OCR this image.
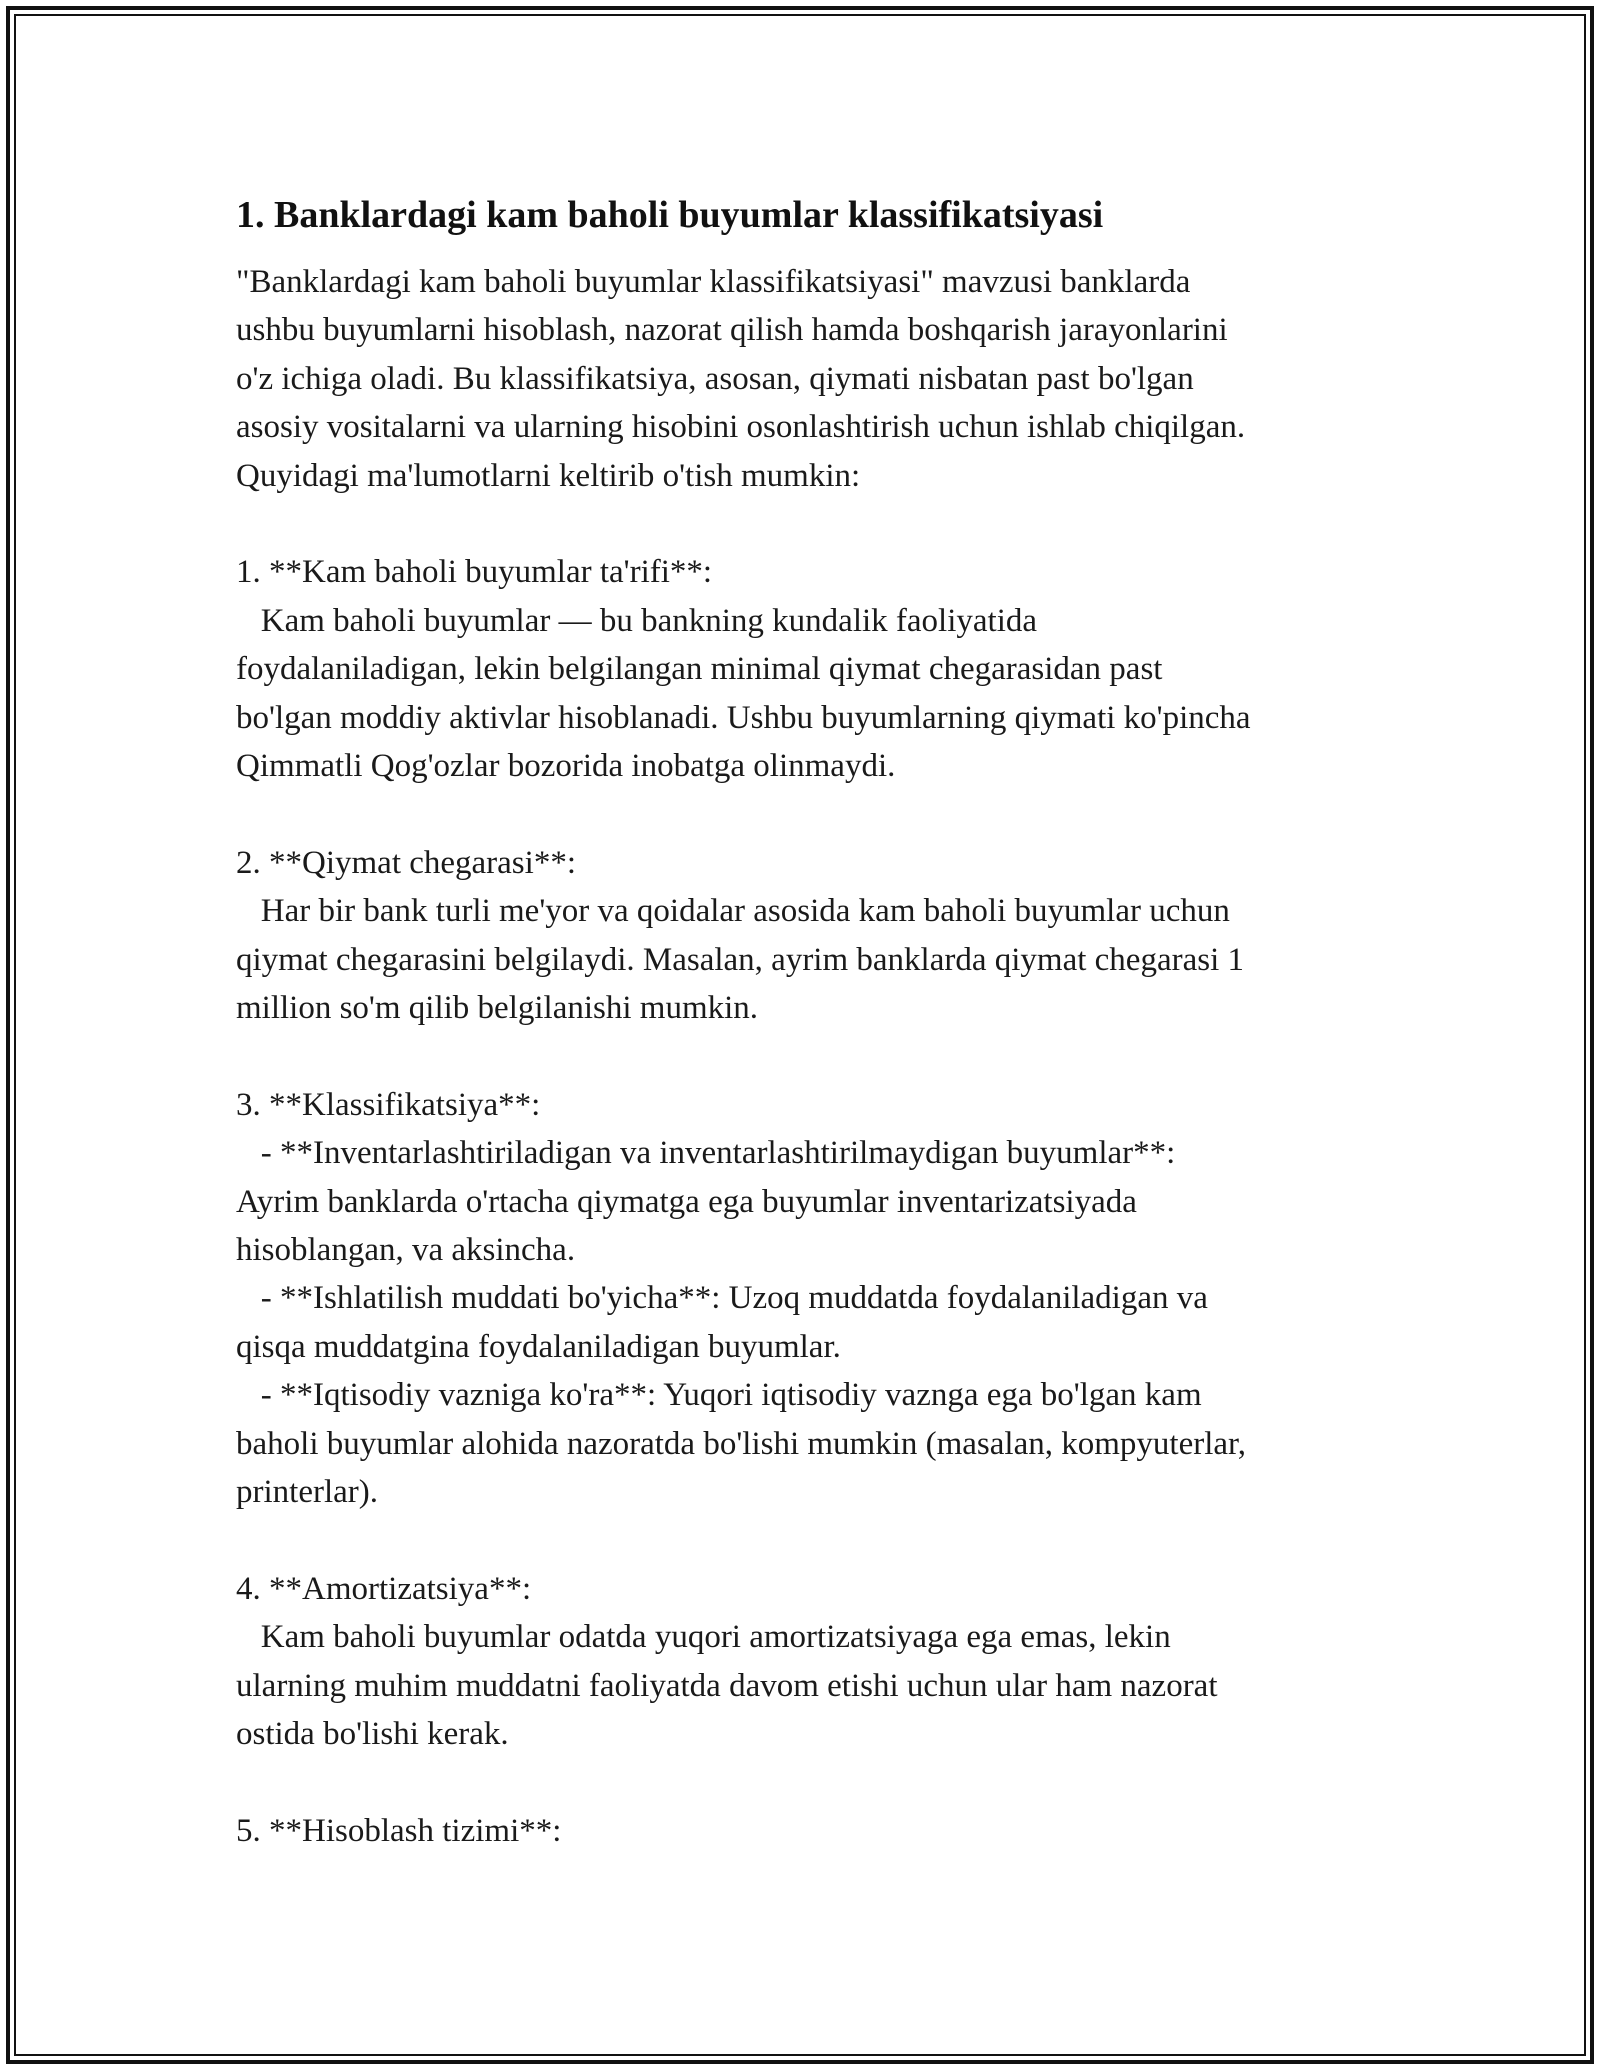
1. Banklardagi kam baholi buyumlar klassifikatsiyasi
"Banklardagi kam baholi buyumlar klassifikatsiyasi" mavzusi banklarda
ushbu buyumlarni hisoblash, nazorat qilish hamda boshqarish jarayonlarini
o'z ichiga oladi. Bu klassifikatsiya, asosan, qiymati nisbatan past bo'lgan
asosiy vositalarni va ularning hisobini osonlashtirish uchun ishlab chiqilgan.
Quyidagi ma'lumotlarni keltirib o'tish mumkin:
1. **Kam baholi buyumlar ta'rifi**:
Kam baholi buyumlar — bu bankning kundalik faoliyatida
foydalaniladigan, lekin belgilangan minimal qiymat chegarasidan past
bo'lgan moddiy aktivlar hisoblanadi. Ushbu buyumlarning qiymati ko'pincha
Qimmatli Qog'ozlar bozorida inobatga olinmaydi.
2. **Qiymat chegarasi**:
Har bir bank turli me'yor va qoidalar asosida kam baholi buyumlar uchun
qiymat chegarasini belgilaydi. Masalan, ayrim banklarda qiymat chegarasi 1
million so'm qilib belgilanishi mumkin.
3. **Klassifikatsiya**:
- **Inventarlashtiriladigan va inventarlashtirilmaydigan buyumlar**:
Ayrim banklarda o'rtacha qiymatga ega buyumlar inventarizatsiyada
hisoblangan, va aksincha.
- **Ishlatilish muddati bo'yicha**: Uzoq muddatda foydalaniladigan va
qisqa muddatgina foydalaniladigan buyumlar.
- **Iqtisodiy vazniga ko'ra**: Yuqori iqtisodiy vaznga ega bo'lgan kam
baholi buyumlar alohida nazoratda bo'lishi mumkin (masalan, kompyuterlar,
printerlar).
4. **Amortizatsiya**:
Kam baholi buyumlar odatda yuqori amortizatsiyaga ega emas, lekin
ularning muhim muddatni faoliyatda davom etishi uchun ular ham nazorat
ostida bo'lishi kerak.
5. **Hisoblash tizimi**:
